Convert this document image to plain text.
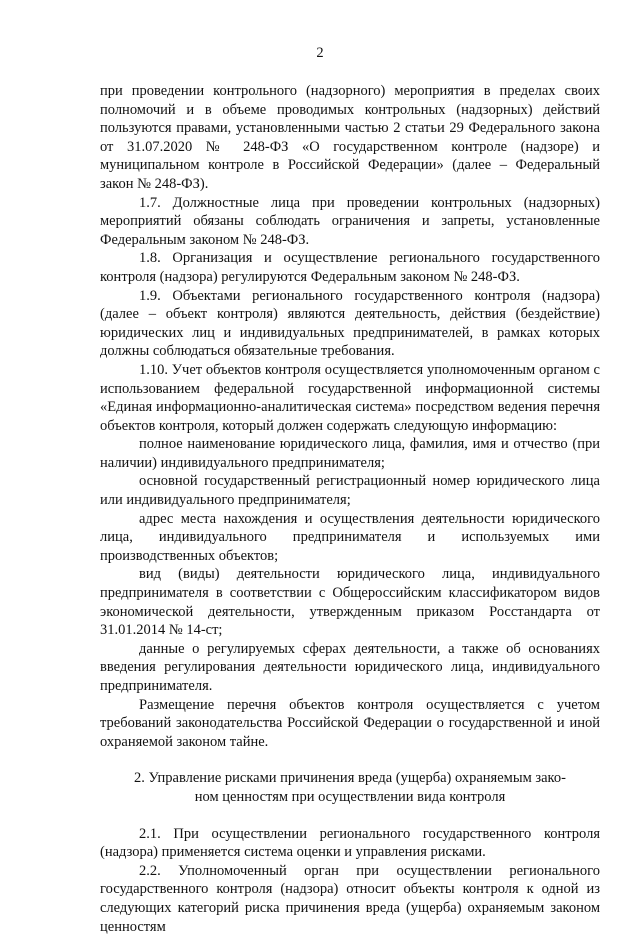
2

при проведении контрольного (надзорного) мероприятия в пределах своих полномочий и в объеме проводимых контрольных (надзорных) действий пользуются правами, установленными частью 2 статьи 29 Федерального закона от 31.07.2020 № 248-ФЗ «О государственном контроле (надзоре) и муниципальном контроле в Российской Федерации» (далее – Федеральный закон № 248-ФЗ).

1.7. Должностные лица при проведении контрольных (надзорных) мероприятий обязаны соблюдать ограничения и запреты, установленные Федеральным законом № 248-ФЗ.

1.8. Организация и осуществление регионального государственного контроля (надзора) регулируются Федеральным законом № 248-ФЗ.

1.9. Объектами регионального государственного контроля (надзора) (далее – объект контроля) являются деятельность, действия (бездействие) юридических лиц и индивидуальных предпринимателей, в рамках которых должны соблюдаться обязательные требования.

1.10. Учет объектов контроля осуществляется уполномоченным органом с использованием федеральной государственной информационной системы «Единая информационно-аналитическая система» посредством ведения перечня объектов контроля, который должен содержать следующую информацию:

полное наименование юридического лица, фамилия, имя и отчество (при наличии) индивидуального предпринимателя;

основной государственный регистрационный номер юридического лица или индивидуального предпринимателя;

адрес места нахождения и осуществления деятельности юридического лица, индивидуального предпринимателя и используемых ими производственных объектов;

вид (виды) деятельности юридического лица, индивидуального предпринимателя в соответствии с Общероссийским классификатором видов экономической деятельности, утвержденным приказом Росстандарта от 31.01.2014 № 14-ст;

данные о регулируемых сферах деятельности, а также об основаниях введения регулирования деятельности юридического лица, индивидуального предпринимателя.

Размещение перечня объектов контроля осуществляется с учетом требований законодательства Российской Федерации о государственной и иной охраняемой законом тайне.

2. Управление рисками причинения вреда (ущерба) охраняемым зако-
ном ценностям при осуществлении вида контроля

2.1. При осуществлении регионального государственного контроля (надзора) применяется система оценки и управления рисками.

2.2. Уполномоченный орган при осуществлении регионального государственного контроля (надзора) относит объекты контроля к одной из следующих категорий риска причинения вреда (ущерба) охраняемым законом ценностям
